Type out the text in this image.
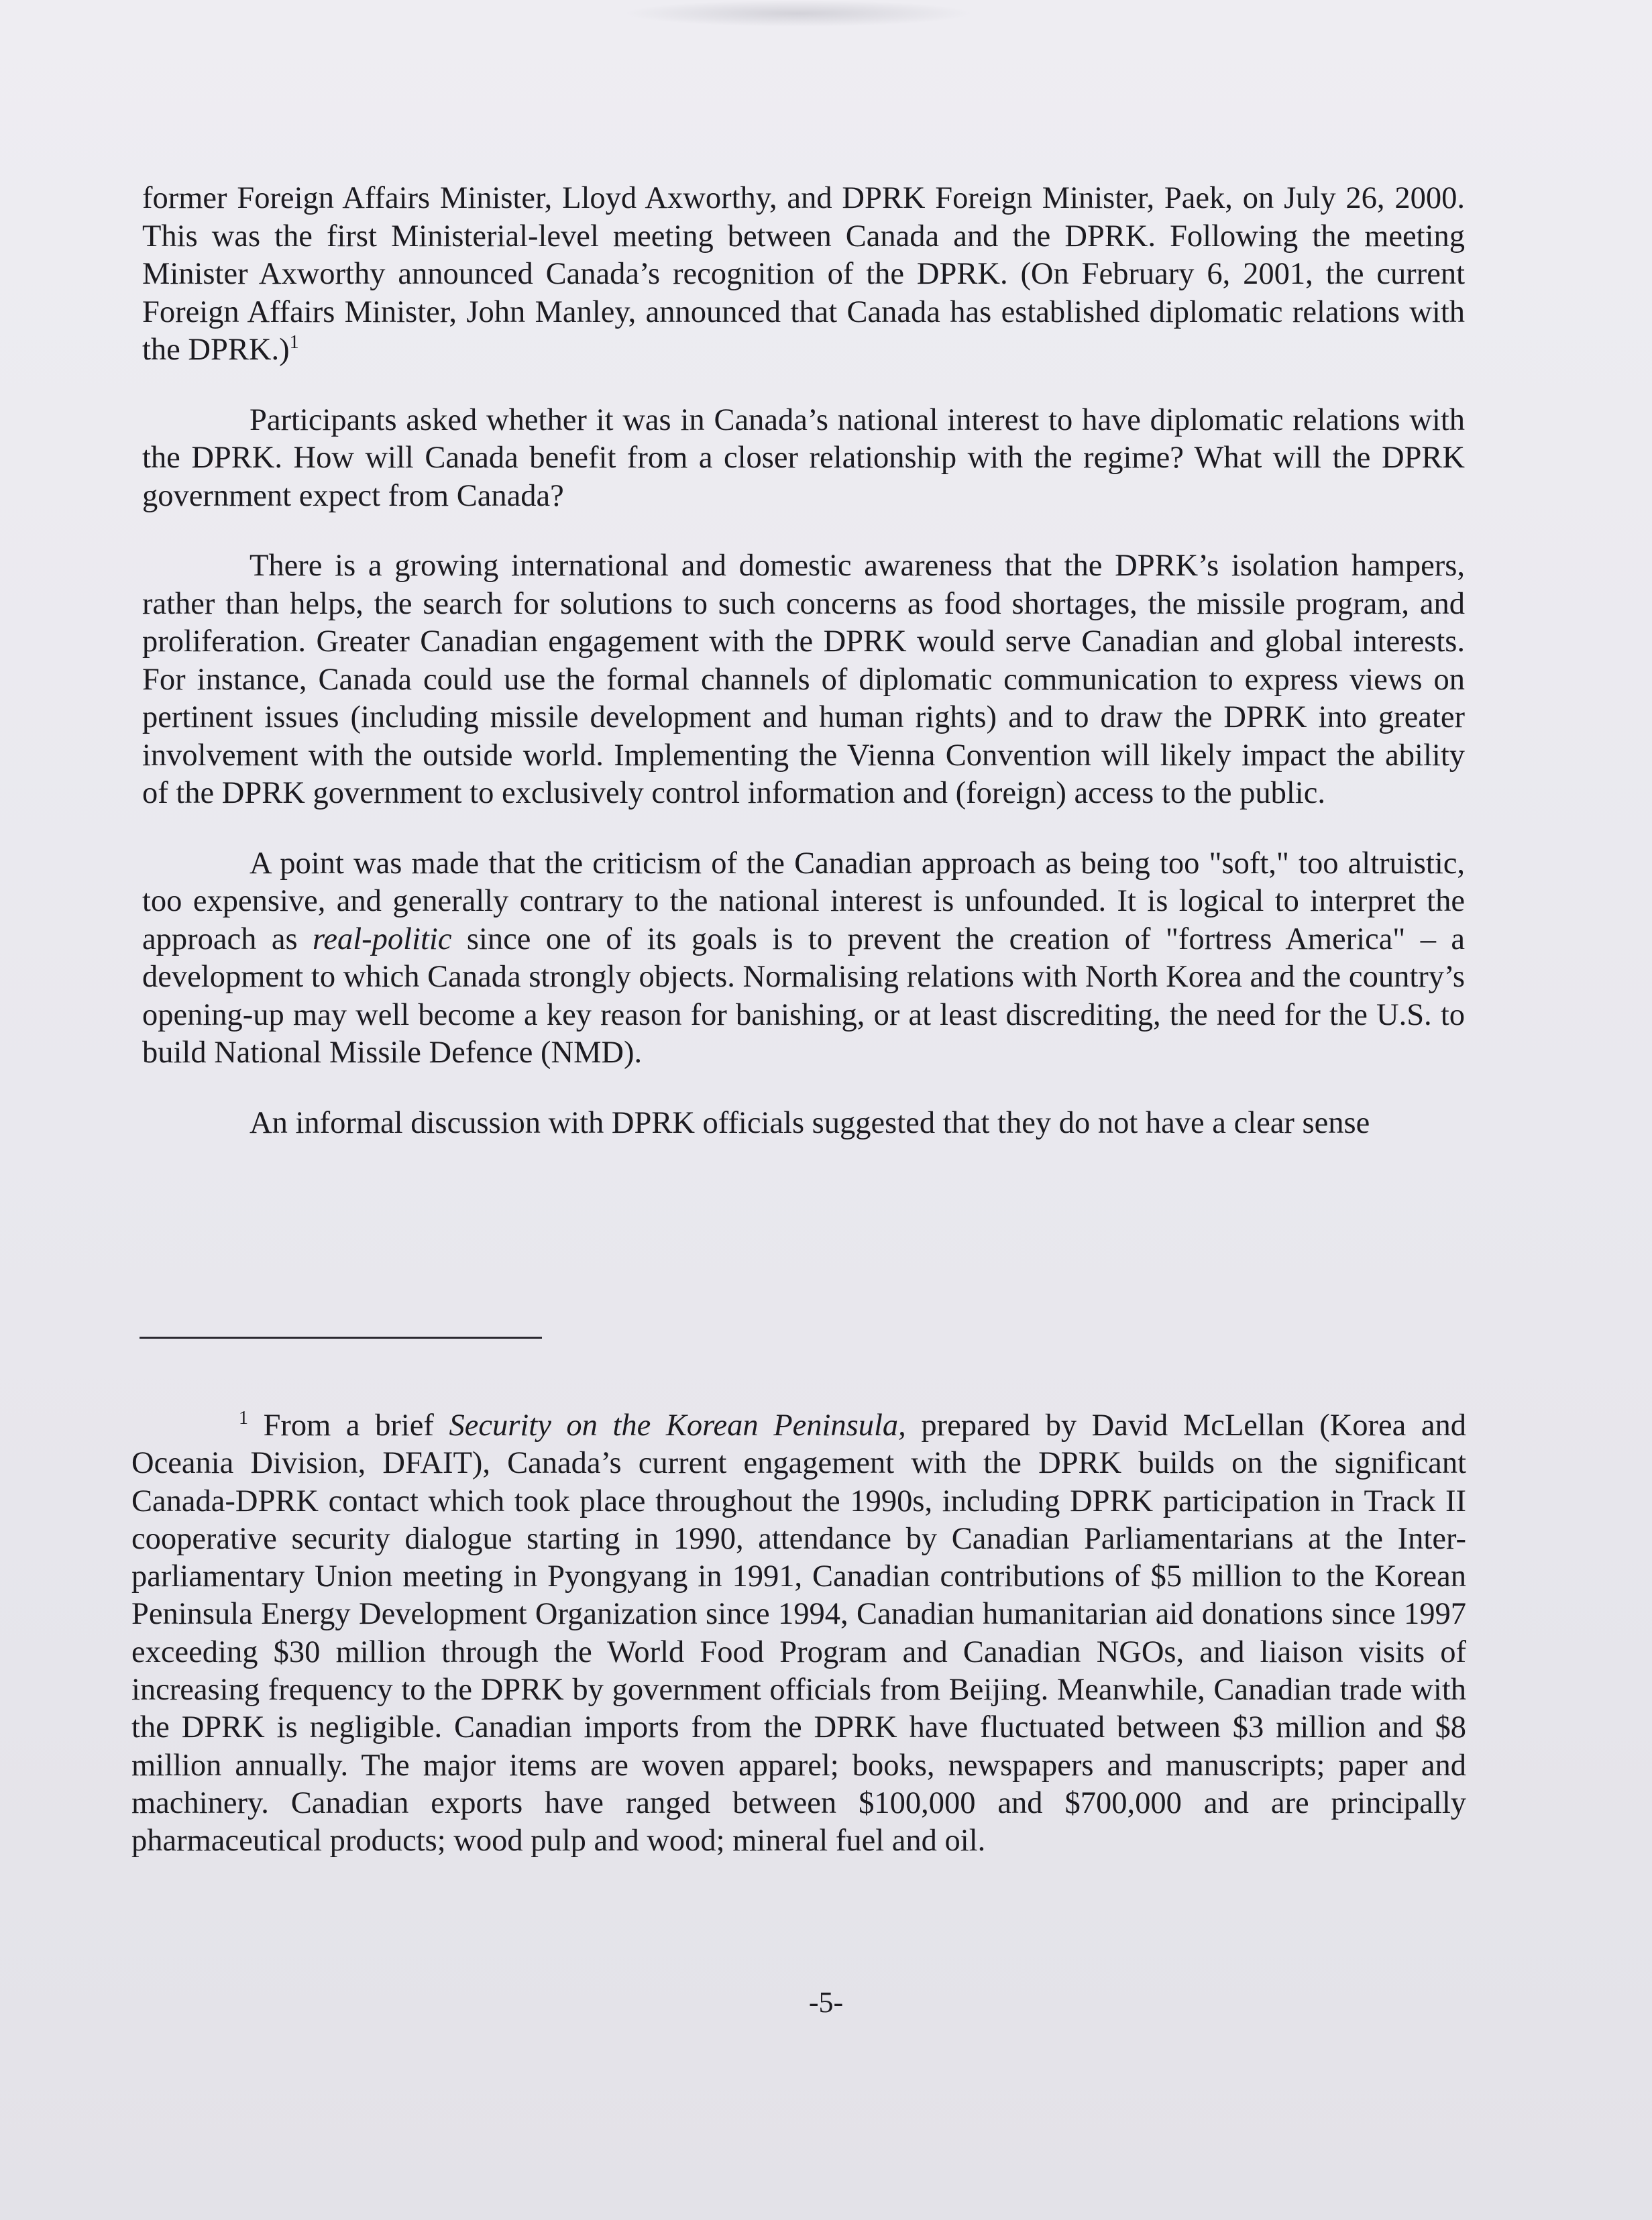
former Foreign Affairs Minister, Lloyd Axworthy, and DPRK Foreign Minister, Paek, on July 26, 2000. This was the first Ministerial-level meeting between Canada and the DPRK. Following the meeting Minister Axworthy announced Canada’s recognition of the DPRK. (On February 6, 2001, the current Foreign Affairs Minister, John Manley, announced that Canada has established diplomatic relations with the DPRK.)$^1$

Participants asked whether it was in Canada’s national interest to have diplomatic relations with the DPRK. How will Canada benefit from a closer relationship with the regime? What will the DPRK government expect from Canada?

There is a growing international and domestic awareness that the DPRK’s isolation hampers, rather than helps, the search for solutions to such concerns as food shortages, the missile program, and proliferation. Greater Canadian engagement with the DPRK would serve Canadian and global interests. For instance, Canada could use the formal channels of diplomatic communication to express views on pertinent issues (including missile development and human rights) and to draw the DPRK into greater involvement with the outside world. Implementing the Vienna Convention will likely impact the ability of the DPRK government to exclusively control information and (foreign) access to the public.

A point was made that the criticism of the Canadian approach as being too "soft," too altruistic, too expensive, and generally contrary to the national interest is unfounded. It is logical to interpret the approach as real-politic since one of its goals is to prevent the creation of "fortress America" – a development to which Canada strongly objects. Normalising relations with North Korea and the country’s opening-up may well become a key reason for banishing, or at least discrediting, the need for the U.S. to build National Missile Defence (NMD).

An informal discussion with DPRK officials suggested that they do not have a clear sense

$^1$ From a brief Security on the Korean Peninsula, prepared by David McLellan (Korea and Oceania Division, DFAIT), Canada’s current engagement with the DPRK builds on the significant Canada-DPRK contact which took place throughout the 1990s, including DPRK participation in Track II cooperative security dialogue starting in 1990, attendance by Canadian Parliamentarians at the Inter-parliamentary Union meeting in Pyongyang in 1991, Canadian contributions of $5 million to the Korean Peninsula Energy Development Organization since 1994, Canadian humanitarian aid donations since 1997 exceeding $30 million through the World Food Program and Canadian NGOs, and liaison visits of increasing frequency to the DPRK by government officials from Beijing. Meanwhile, Canadian trade with the DPRK is negligible. Canadian imports from the DPRK have fluctuated between $3 million and $8 million annually. The major items are woven apparel; books, newspapers and manuscripts; paper and machinery. Canadian exports have ranged between $100,000 and $700,000 and are principally pharmaceutical products; wood pulp and wood; mineral fuel and oil.

-5-
